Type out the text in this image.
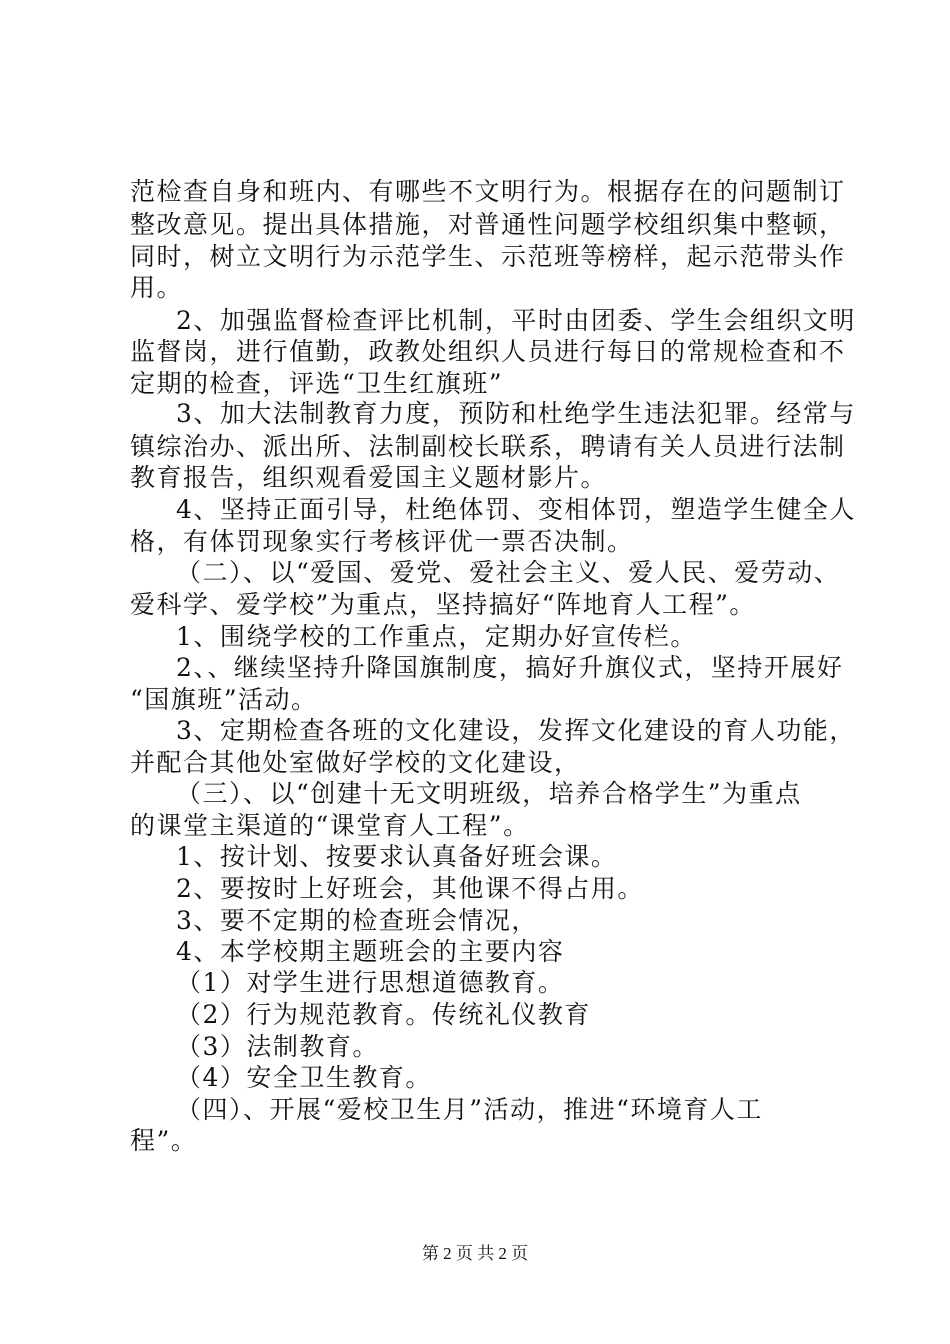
范检查自身和班内、有哪些不文明行为。根据存在的问题制订
整改意见。提出具体措施，对普通性问题学校组织集中整顿，
同时，树立文明行为示范学生、示范班等榜样，起示范带头作
用。
2、加强监督检查评比机制，平时由团委、学生会组织文明
监督岗，进行值勤，政教处组织人员进行每日的常规检查和不
定期的检查，评选“卫生红旗班”
3、加大法制教育力度，预防和杜绝学生违法犯罪。经常与
镇综治办、派出所、法制副校长联系，聘请有关人员进行法制
教育报告，组织观看爱国主义题材影片。
4、坚持正面引导，杜绝体罚、变相体罚，塑造学生健全人
格，有体罚现象实行考核评优一票否决制。
（二）、以“爱国、爱党、爱社会主义、爱人民、爱劳动、
爱科学、爱学校”为重点，坚持搞好“阵地育人工程”。
1、围绕学校的工作重点，定期办好宣传栏。
2、、继续坚持升降国旗制度，搞好升旗仪式，坚持开展好
“国旗班”活动。
3、定期检查各班的文化建设，发挥文化建设的育人功能，
并配合其他处室做好学校的文化建设，
（三）、以“创建十无文明班级，培养合格学生”为重点
的课堂主渠道的“课堂育人工程”。
1、按计划、按要求认真备好班会课。
2、要按时上好班会，其他课不得占用。
3、要不定期的检查班会情况，
4、本学校期主题班会的主要内容
（1）对学生进行思想道德教育。
（2）行为规范教育。传统礼仪教育
（3）法制教育。
（4）安全卫生教育。
（四）、开展“爱校卫生月”活动，推进“环境育人工
程”。
第 2 页 共 2 页
